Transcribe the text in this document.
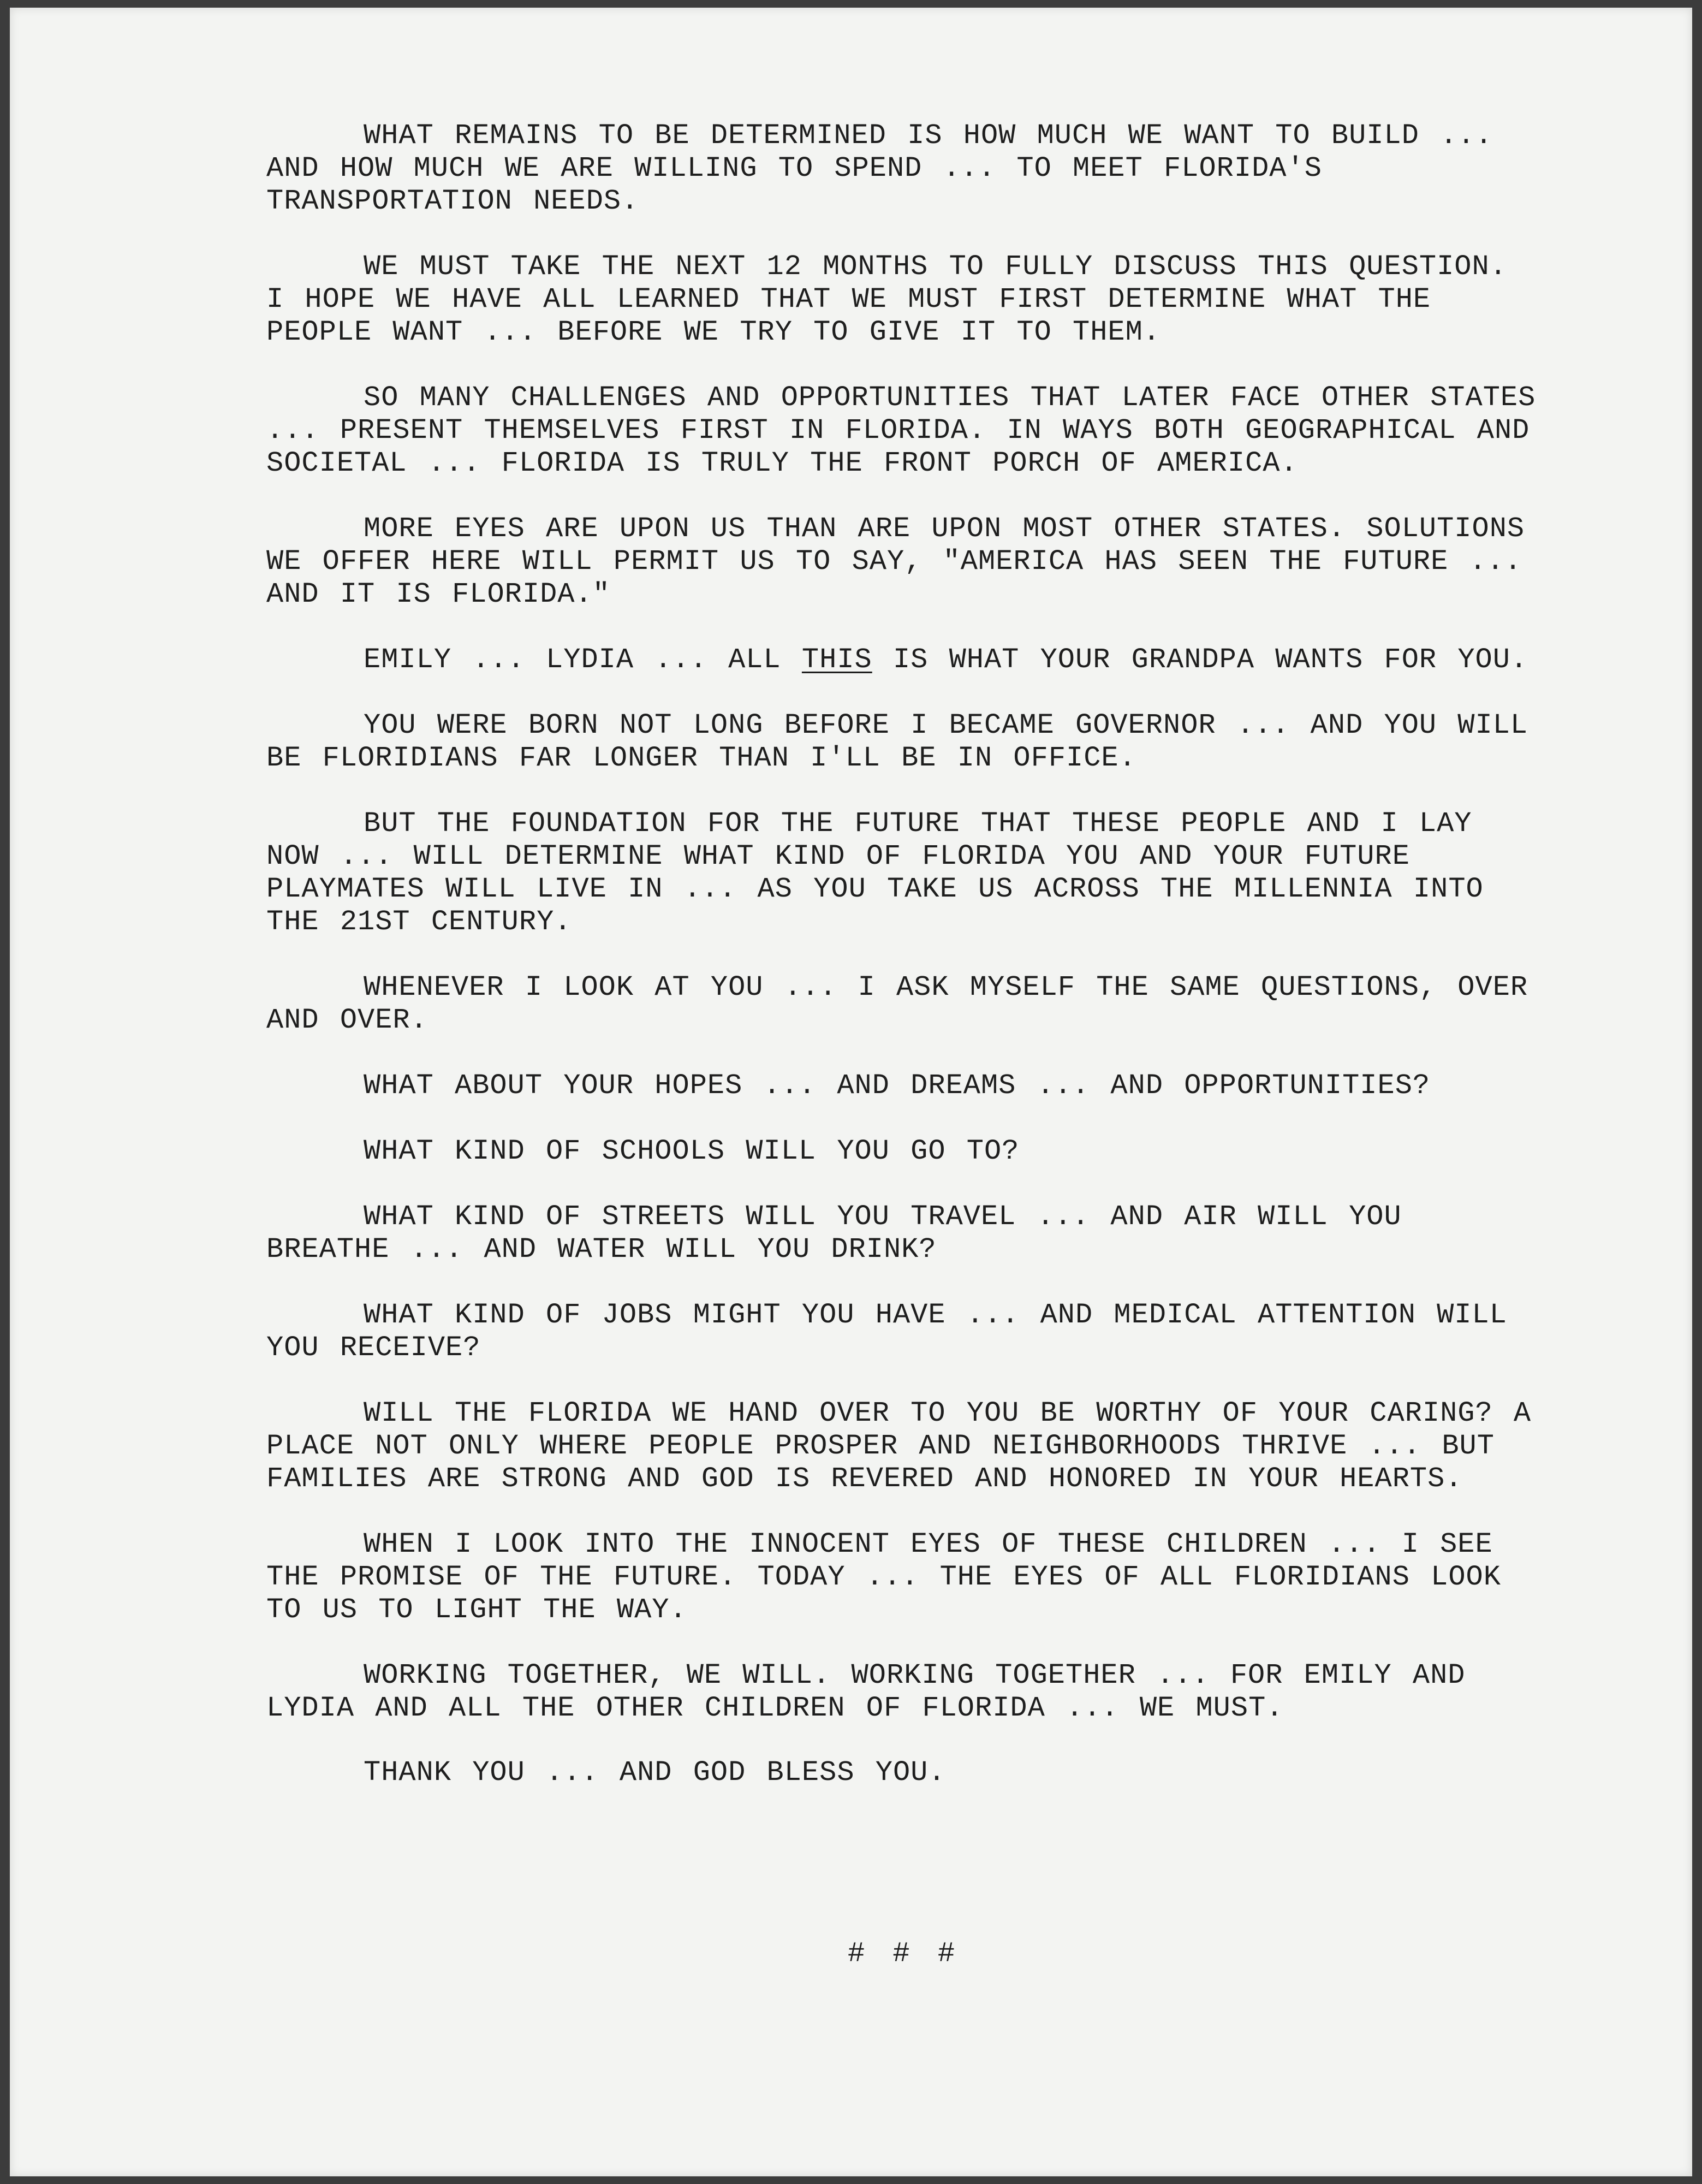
WHAT REMAINS TO BE DETERMINED IS HOW MUCH WE WANT TO BUILD ... AND HOW MUCH WE ARE WILLING TO SPEND ... TO MEET FLORIDA'S TRANSPORTATION NEEDS.

WE MUST TAKE THE NEXT 12 MONTHS TO FULLY DISCUSS THIS QUESTION. I HOPE WE HAVE ALL LEARNED THAT WE MUST FIRST DETERMINE WHAT THE PEOPLE WANT ... BEFORE WE TRY TO GIVE IT TO THEM.

SO MANY CHALLENGES AND OPPORTUNITIES THAT LATER FACE OTHER STATES ... PRESENT THEMSELVES FIRST IN FLORIDA. IN WAYS BOTH GEOGRAPHICAL AND SOCIETAL ... FLORIDA IS TRULY THE FRONT PORCH OF AMERICA.

MORE EYES ARE UPON US THAN ARE UPON MOST OTHER STATES. SOLUTIONS WE OFFER HERE WILL PERMIT US TO SAY, "AMERICA HAS SEEN THE FUTURE ... AND IT IS FLORIDA."

EMILY ... LYDIA ... ALL THIS IS WHAT YOUR GRANDPA WANTS FOR YOU.

YOU WERE BORN NOT LONG BEFORE I BECAME GOVERNOR ... AND YOU WILL BE FLORIDIANS FAR LONGER THAN I'LL BE IN OFFICE.

BUT THE FOUNDATION FOR THE FUTURE THAT THESE PEOPLE AND I LAY NOW ... WILL DETERMINE WHAT KIND OF FLORIDA YOU AND YOUR FUTURE PLAYMATES WILL LIVE IN ... AS YOU TAKE US ACROSS THE MILLENNIA INTO THE 21ST CENTURY.

WHENEVER I LOOK AT YOU ... I ASK MYSELF THE SAME QUESTIONS, OVER AND OVER.

WHAT ABOUT YOUR HOPES ... AND DREAMS ... AND OPPORTUNITIES?

WHAT KIND OF SCHOOLS WILL YOU GO TO?

WHAT KIND OF STREETS WILL YOU TRAVEL ... AND AIR WILL YOU BREATHE ... AND WATER WILL YOU DRINK?

WHAT KIND OF JOBS MIGHT YOU HAVE ... AND MEDICAL ATTENTION WILL YOU RECEIVE?

WILL THE FLORIDA WE HAND OVER TO YOU BE WORTHY OF YOUR CARING? A PLACE NOT ONLY WHERE PEOPLE PROSPER AND NEIGHBORHOODS THRIVE ... BUT FAMILIES ARE STRONG AND GOD IS REVERED AND HONORED IN YOUR HEARTS.

WHEN I LOOK INTO THE INNOCENT EYES OF THESE CHILDREN ... I SEE THE PROMISE OF THE FUTURE. TODAY ... THE EYES OF ALL FLORIDIANS LOOK TO US TO LIGHT THE WAY.

WORKING TOGETHER, WE WILL. WORKING TOGETHER ... FOR EMILY AND LYDIA AND ALL THE OTHER CHILDREN OF FLORIDA ... WE MUST.

THANK YOU ... AND GOD BLESS YOU.

# # #
